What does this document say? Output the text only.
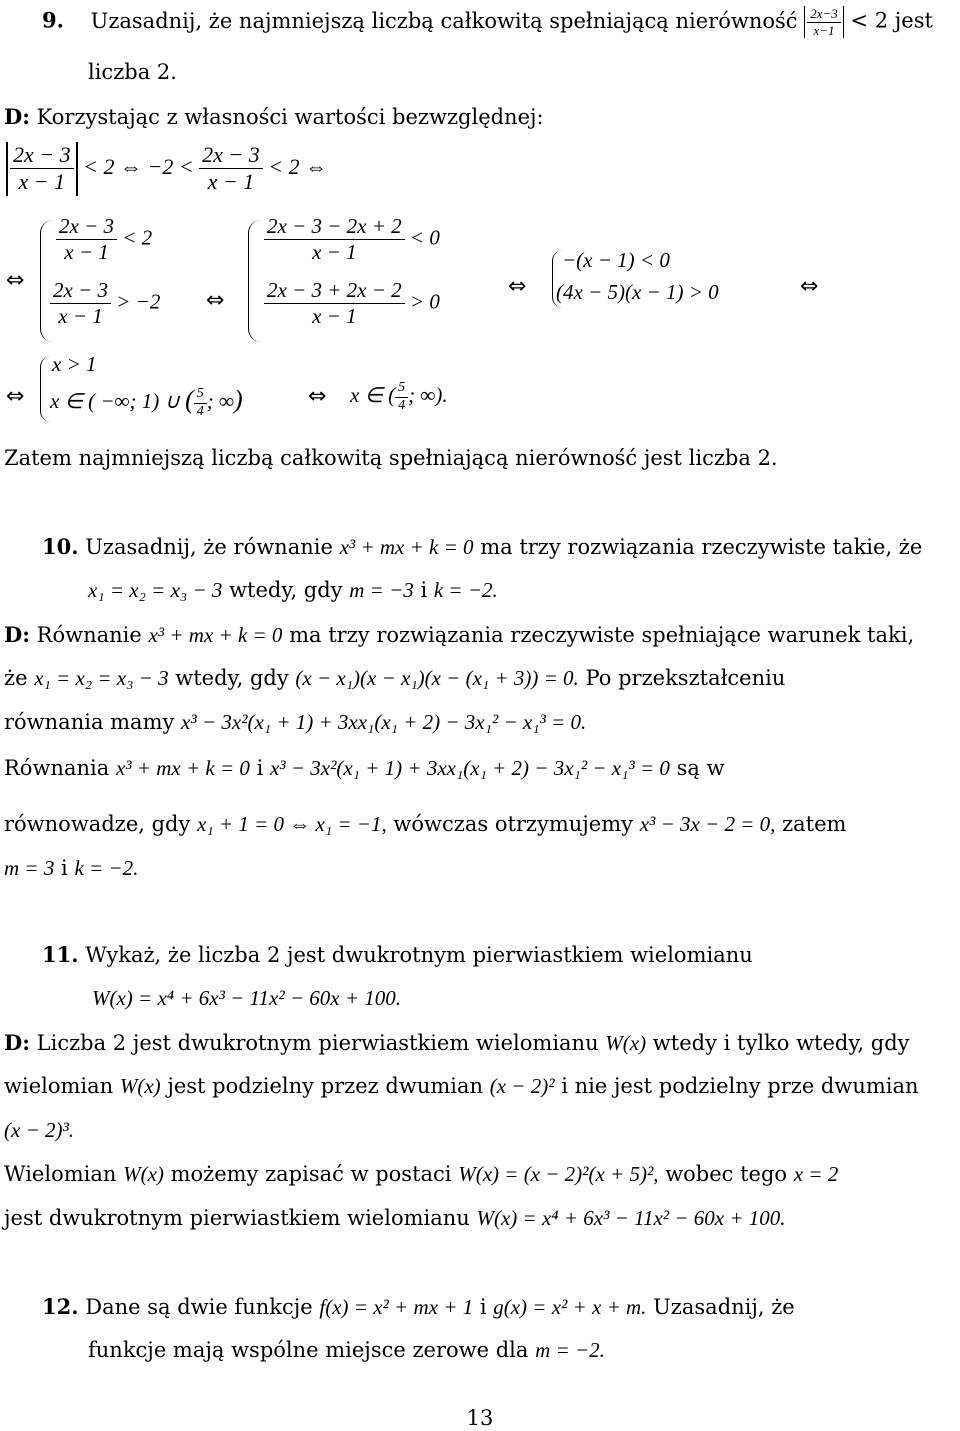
9. Uzasadnij, że najmniejszą liczbą całkowitą spełniającą nierówność $\frac{2x-3}{x-1} < 2$ jest
liczba 2.
D: Korzystając z własności wartości bezwzględnej:
$\frac{2x - 3}{x - 1} < 2$ ⇔ $-2 < \frac{2x - 3}{x - 1} < 2$ ⇔
⇔
$\frac{2x - 3}{x - 1} < 2$
$\frac{2x - 3}{x - 1} > -2$ ⇔
$\frac{2x - 3 - 2x + 2}{x - 1} < 0$
$\frac{2x - 3 + 2x - 2}{x - 1} > 0$
⇔
−(x − 1) < 0
(4x − 5)(x − 1) > 0	⇔
⇔
x > 1
x ∈ ( −∞; 1) ∪ ( $\frac{5}{4}$ ; ∞)	⇔ x ∈ ( $\frac{5}{4}$ ; ∞).
Zatem najmniejszą liczbą całkowitą spełniającą nierówność jest liczba 2.
10. Uzasadnij, że równanie x³ + mx + k = 0 ma trzy rozwiązania rzeczywiste takie, że
x₁ = x₂ = x₃ − 3 wtedy, gdy m = −3 i k = −2.
D: Równanie x³ + mx + k = 0 ma trzy rozwiązania rzeczywiste spełniające warunek taki,
że x₁ = x₂ = x₃ − 3 wtedy, gdy (x − x₁)(x − x₁)(x − (x₁ + 3)) = 0. Po przekształceniu
równania mamy x³ − 3x²(x₁ + 1) + 3xx₁(x₁ + 2) − 3x₁² − x₁³ = 0.
Równania x³ + mx + k = 0 i x³ − 3x²(x₁ + 1) + 3xx₁(x₁ + 2) − 3x₁² − x₁³ = 0 są w
równowadze, gdy x₁ + 1 = 0 ⇔ x₁ = −1, wówczas otrzymujemy x³ − 3x − 2 = 0, zatem
m = 3 i k = −2.
11. Wykaż, że liczba 2 jest dwukrotnym pierwiastkiem wielomianu
W(x) = x⁴ + 6x³ − 11x² − 60x + 100.
D: Liczba 2 jest dwukrotnym pierwiastkiem wielomianu W(x) wtedy i tylko wtedy, gdy
wielomian W(x) jest podzielny przez dwumian (x − 2)² i nie jest podzielny prze dwumian
(x − 2)³.
Wielomian W(x) możemy zapisać w postaci W(x) = (x − 2)²(x + 5)², wobec tego x = 2
jest dwukrotnym pierwiastkiem wielomianu W(x) = x⁴ + 6x³ − 11x² − 60x + 100.
12. Dane są dwie funkcje f(x) = x² + mx + 1 i g(x) = x² + x + m. Uzasadnij, że
funkcje mają wspólne miejsce zerowe dla m = −2.
13
